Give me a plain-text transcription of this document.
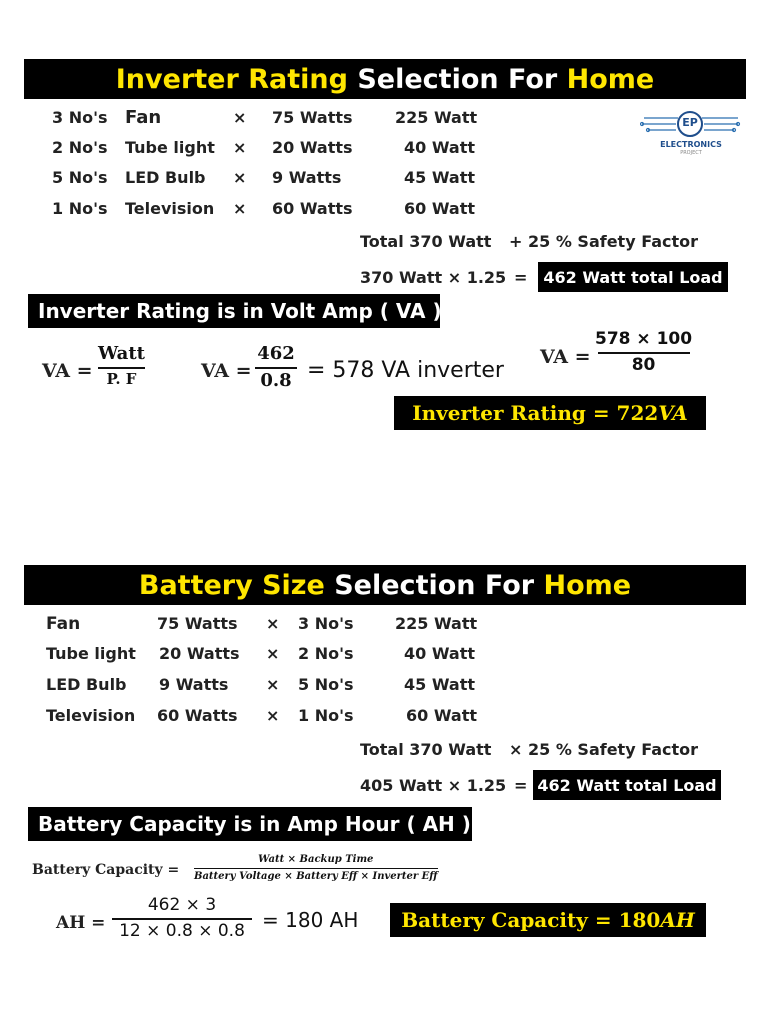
Inverter Rating
Selection For
Home
EP
ELECTRONICS
PROJECT
3 No's Fan	× 75 Watts	225 Watt
2 No's Tube light × 20 Watts	40 Watt
5 No's LED Bulb × 9 Watts	45 Watt
1 No's Television × 60 Watts	60 Watt
Total 370 Watt + 25 % Safety Factor
370 Watt × 1.25 = 462 Watt total Load
Inverter Rating is in Volt Amp ( VA )
VA =
Watt
P. F	VA =
462
0.8 = 578 VA inverter
VA =
578 × 100
80
Inverter Rating = 722 VA
Battery Size
Selection For
Home
Fan	75 Watts × 3 No's	225 Watt
Tube light 20 Watts × 2 No's	40 Watt
LED Bulb 9 Watts × 5 No's	45 Watt
Television 60 Watts × 1 No's	60 Watt
Total 370 Watt × 25 % Safety Factor
405 Watt × 1.25 = 462 Watt total Load
Battery Capacity is in Amp Hour ( AH )
Battery Capacity =
Watt × Backup Time
Battery Voltage × Battery Eff × Inverter Eff
AH =
462 × 3
12 × 0.8 × 0.8 = 180 AH Battery Capacity = 180 AH
